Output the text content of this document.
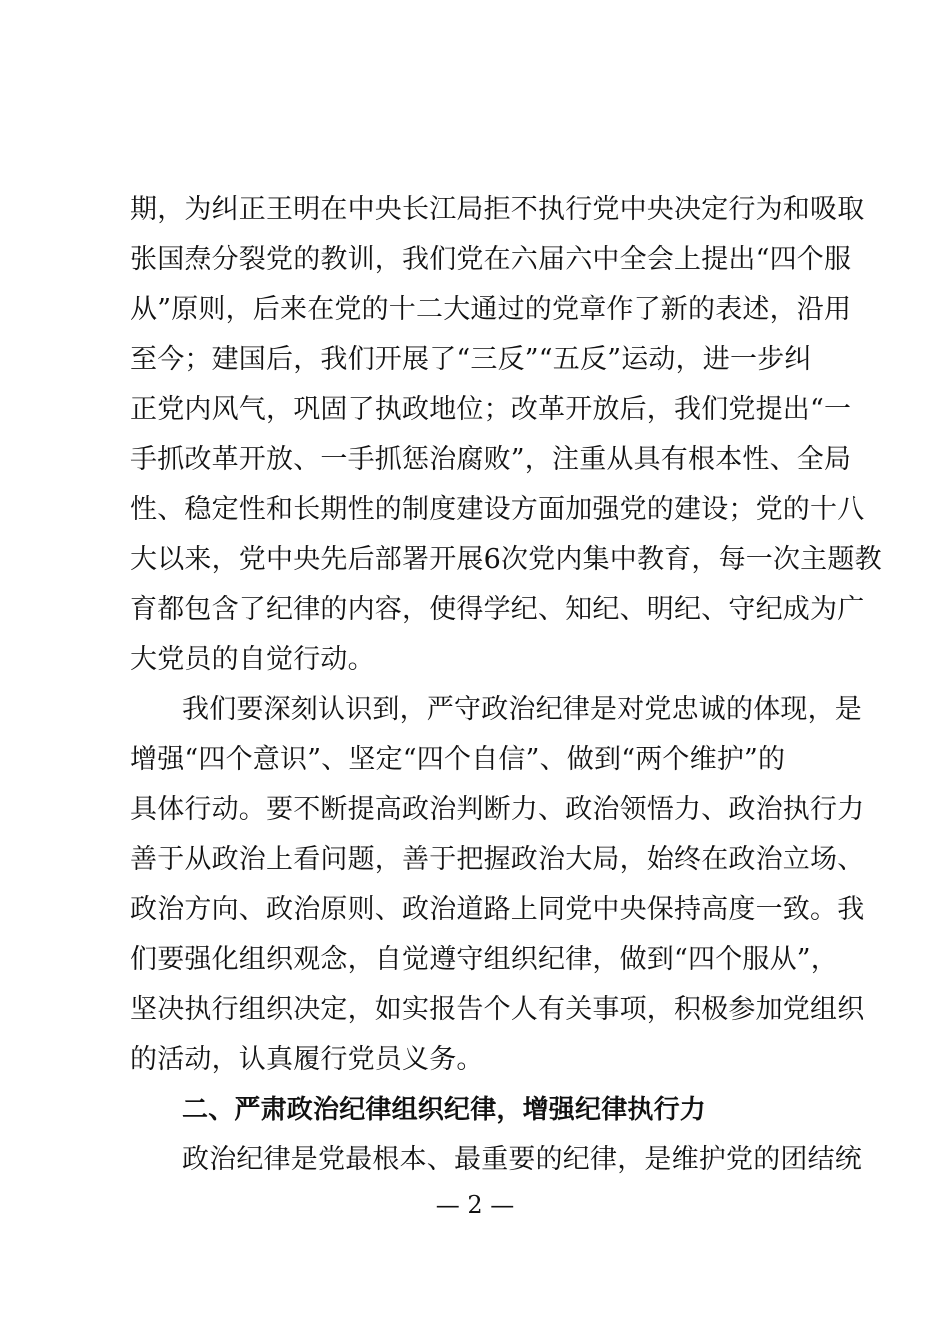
期，为纠正王明在中央长江局拒不执行党中央决定行为和吸取
张国焘分裂党的教训，我们党在六届六中全会上提出“四个服
从”原则，后来在党的十二大通过的党章作了新的表述，沿用
至今；建国后，我们开展了“三反”“五反”运动，进一步纠
正党内风气，巩固了执政地位；改革开放后，我们党提出“一
手抓改革开放、一手抓惩治腐败”，注重从具有根本性、全局
性、稳定性和长期性的制度建设方面加强党的建设；党的十八
大以来，党中央先后部署开展6次党内集中教育，每一次主题教
育都包含了纪律的内容，使得学纪、知纪、明纪、守纪成为广
大党员的自觉行动。
我们要深刻认识到，严守政治纪律是对党忠诚的体现，是
增强“四个意识”、坚定“四个自信”、做到“两个维护”的
具体行动。要不断提高政治判断力、政治领悟力、政治执行力
善于从政治上看问题，善于把握政治大局，始终在政治立场、
政治方向、政治原则、政治道路上同党中央保持高度一致。我
们要强化组织观念，自觉遵守组织纪律，做到“四个服从”，
坚决执行组织决定，如实报告个人有关事项，积极参加党组织
的活动，认真履行党员义务。
二、严肃政治纪律组织纪律，增强纪律执行力
政治纪律是党最根本、最重要的纪律，是维护党的团结统
— 2 —
